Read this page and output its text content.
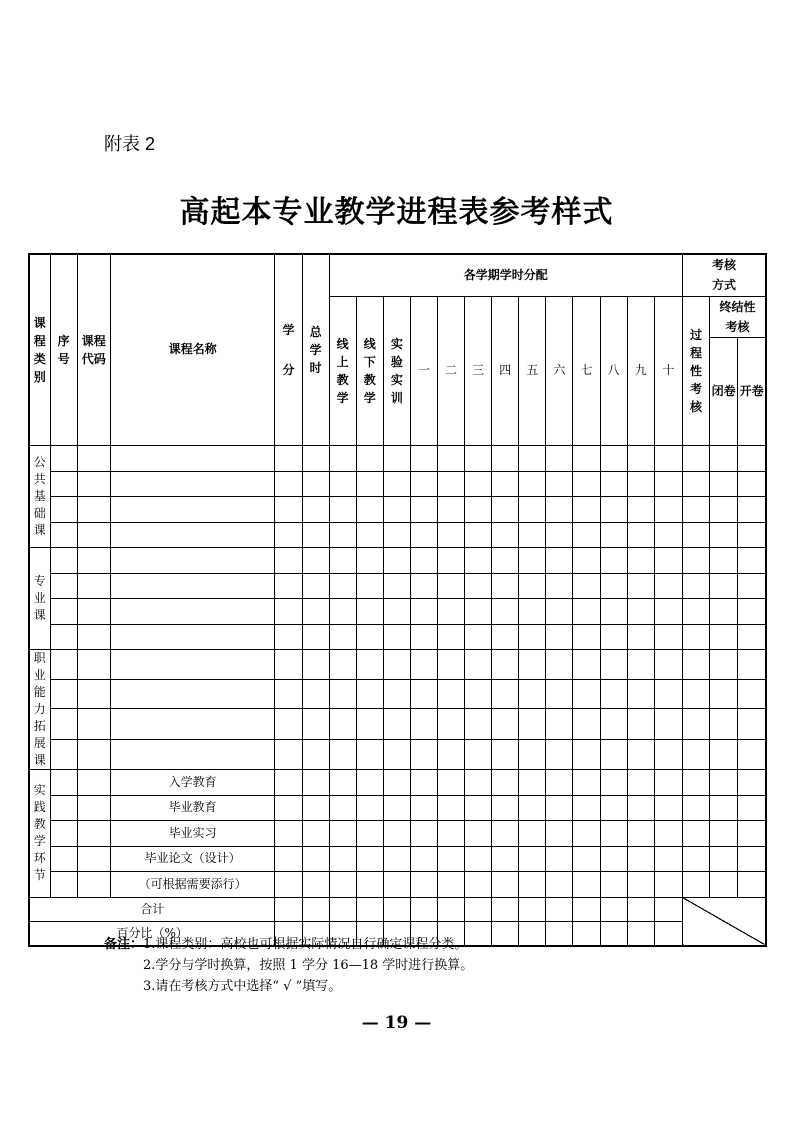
附表 2
高起本专业教学进程表参考样式
课程类别	序号	课程代码	课程名称	学分	总学时	各学期学时分配													考核方式		
						线上教学	线下教学	实验实训	一	二	三	四	五	六	七	八	九	十	过程性考核	终结性考核	
																				闭卷	开卷
公共基础课																					

专业课																					

职业能力拓展课																					

实践教学环节			入学教育																		
			毕业教育																		
			毕业实习																		
			毕业论文（设计）																		
			（可根据需要添行）																		
合计																					
百分比（%）																					
备注：1.课程类别：高校也可根据实际情况自行确定课程分类。
2.学分与学时换算，按照 1 学分 16—18 学时进行换算。
3.请在考核方式中选择“ √ ”填写。
— 19 —
